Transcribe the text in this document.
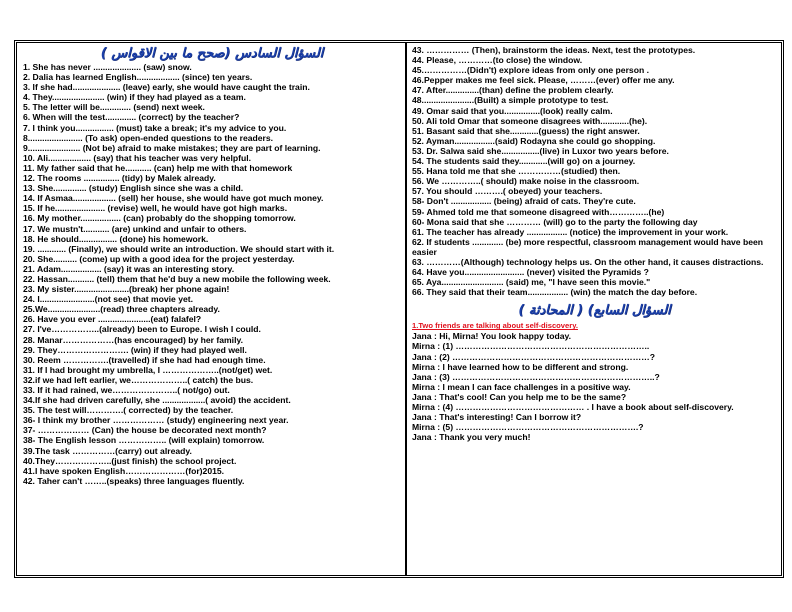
السؤال السادس (صحح ما بين الاقواس )
1. She has never .................... (saw) snow.
2. Dalia has learned English.................. (since) ten years.
3. If she had.................... (leave) early, she would have caught the train.
4. They...................... (win) if they had played as a team.
5. The letter will be............. (send) next week.
6. When will the test............. (correct) by the teacher?
7. I think you................ (must) take a break; it's my advice to you.
8....................... (To ask) open-ended questions to the readers.
9...................... (Not be) afraid to make mistakes; they are part of learning.
10. Ali.................. (say) that his teacher was very helpful.
11. My father said that he........... (can) help me with that homework
12. The rooms ............... (tidy) by Malek already.
13. She.............. (study) English since she was a child.
14. If Asmaa.................. (sell) her house, she would have got much money.
15. If he..................... (revise) well, he would have got high marks.
16. My mother................. (can) probably do the shopping tomorrow.
17. We mustn't........... (are) unkind and unfair to others.
18. He should................ (done) his homework.
19. ............ (Finally), we should write an introduction. We should start with it.
20. She.......... (come) up with a good idea for the project yesterday.
21. Adam................. (say) it was an interesting story.
22. Hassan........... (tell) them that he'd buy a new mobile the following week.
23. My sister.......................(break) her phone again!
24. I.......................(not see) that movie yet.
25.We......................(read) three chapters already.
26. Have you ever ......................(eat) falafel?
27. I've……………..(already) been to Europe. I wish I could.
28. Manar………………(has encouraged) by her family.
29. They……………………. (win) if they had played well.
30. Reem …………….(travelled) if she had had enough time.
31. If I had brought my umbrella, I ………………..(not/get) wet.
32.if we had left earlier, we………………..( catch) the bus.
33. If it had rained, we…………………..( not/go) out.
34.If she had driven carefully, she ..................( avoid) the accident.
35. The test will………….( corrected) by the teacher.
36- I think my brother ……………… (study) engineering next year.
37- ……………… (Can) the house be decorated next month?
38- The English lesson …………….. (will explain) tomorrow.
39.The task ……………(carry) out already.
40.They………………..(just finish) the school project.
41.I have spoken English…………………(for)2015.
42. Taher can't ……..(speaks) three languages fluently.
43. …………… (Then), brainstorm the ideas. Next, test the prototypes.
44. Please, …………(to close) the window.
45.……………(Didn't) explore ideas from only one person .
46.Pepper makes me feel sick. Please, ………(ever) offer me any.
47. After..............(than) define the problem clearly.
48......................(Built) a simple prototype to test.
49. Omar said that you...............(look) really calm.
50. Ali told Omar that someone disagrees with............(he).
51. Basant said that she............(guess) the right answer.
52. Ayman.................(said) Rodayna she could go shopping.
53. Dr. Salwa said she................(live) in Luxor two years before.
54. The students said they............(will go) on a journey.
55. Hana told me that she ……………(studied) then.
56. We …………..( should) make noise in the classroom.
57. You should ……….( obeyed) your teachers.
58- Don't ................. (being) afraid of cats. They're cute.
59- Ahmed told me that someone disagreed with…………..(he)
60- Mona said that she ………… (will) go to the party the following day
61. The teacher has already ................. (notice) the improvement in your work.
62. If students ............. (be) more respectful, classroom management would have been easier
63. …………(Although) technology helps us. On the other hand, it causes distractions.
64. Have you......................... (never) visited the Pyramids ?
65. Aya.......................... (said) me, "I have seen this movie."
66. They said that their team................. (win) the match the day before.
السؤال السابع) ( المحادثة )
1.Two friends are talking about self-discovery.
Jana : Hi, Mirna! You look happy today.
Mirna : (1) …………………………………………………………..
Jana : (2) ……………………………………………………………?
Mirna : I have learned how to be different and strong.
Jana : (3) ……………………………………………………………..?
Mirna : I mean I can face challenges in a positive way.
Jana : That's cool! Can you help me to be the same?
Mirna : (4) ……………………………………… . I have a book about self-discovery.
Jana : That's interesting! Can I borrow it?
Mirna : (5) ……………………………………………………….?
Jana : Thank you very much!
